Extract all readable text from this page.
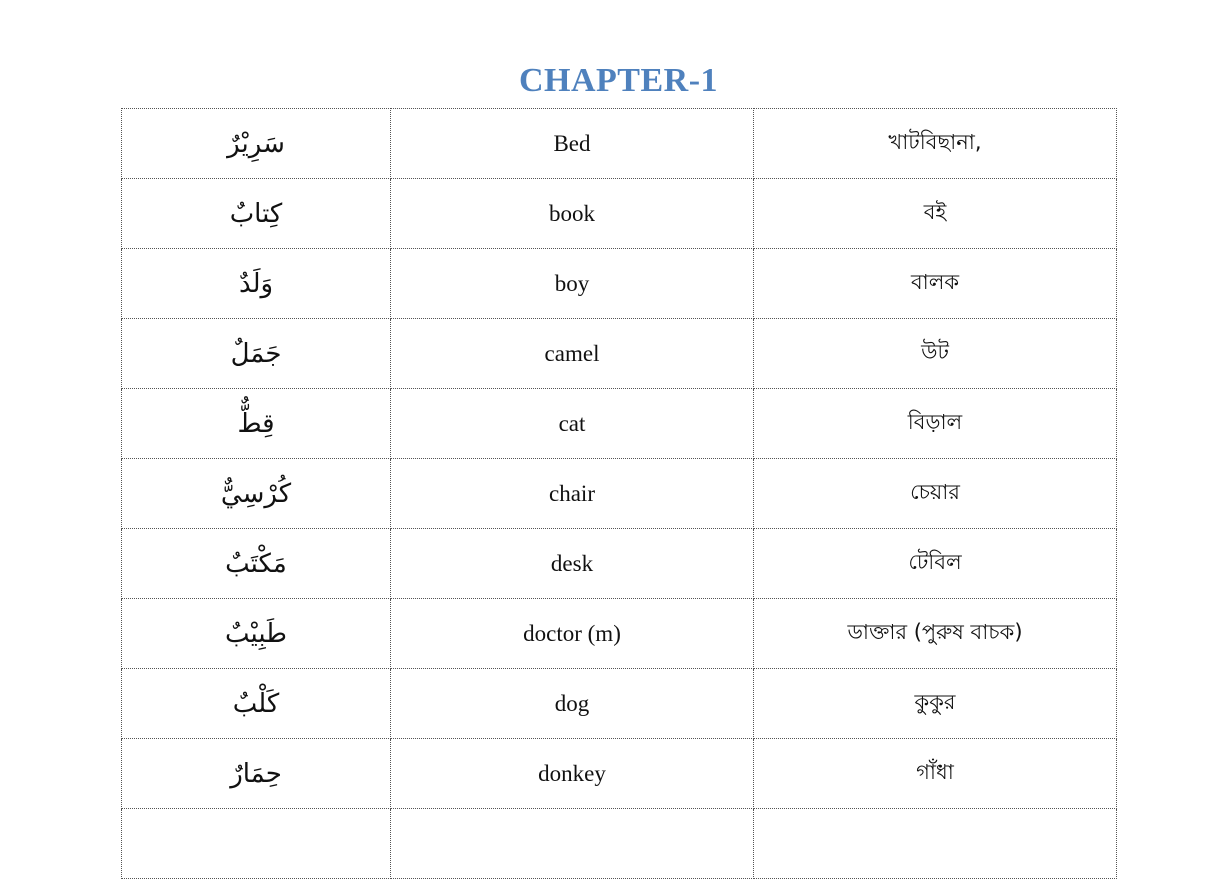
CHAPTER-1
سَرِيْرٌ	Bed	খাটবিছানা,
كِتابٌ	book	বই
وَلَدٌ	boy	বালক
جَمَلٌ	camel	উট
قِطٌّ	cat	বিড়াল
كُرْسِيٌّ	chair	চেয়ার
مَكْتَبٌ	desk	টেবিল
طَبِيْبٌ	doctor (m)	ডাক্তার (পুরুষ বাচক)
كَلْبٌ	dog	কুকুর
حِمَارٌ	donkey	গাঁধা
